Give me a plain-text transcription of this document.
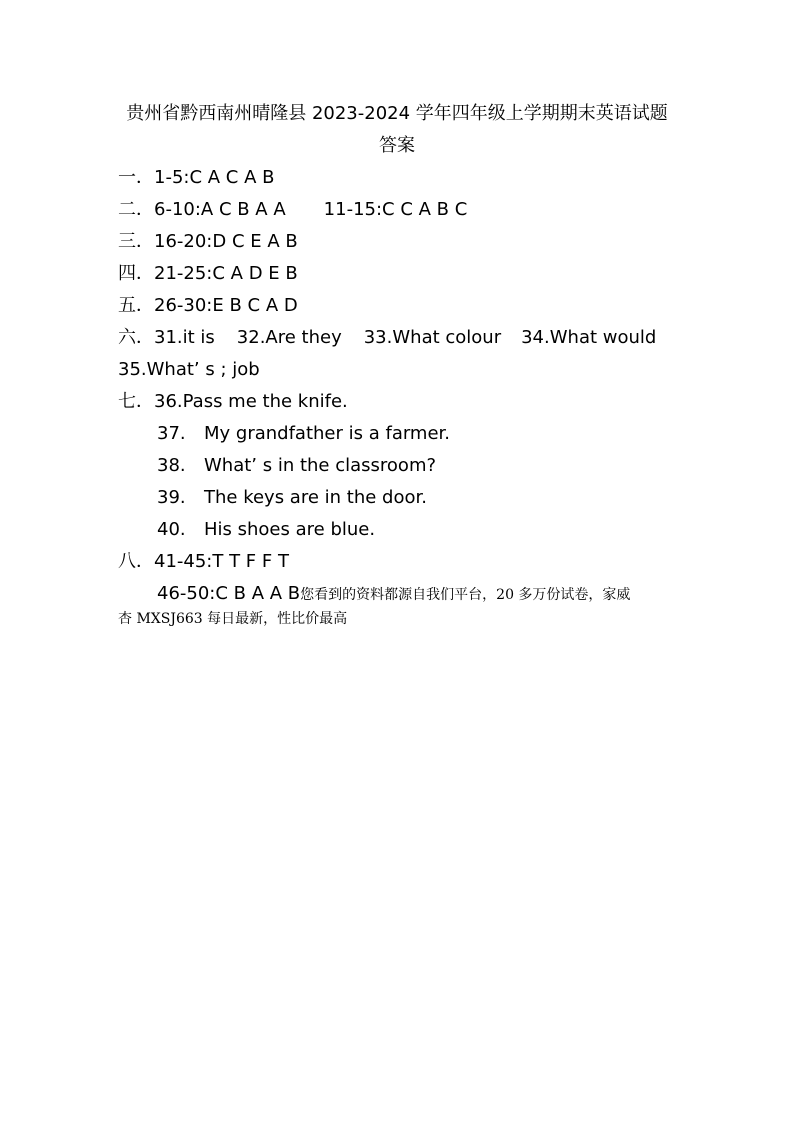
贵州省黔西南州晴隆县 2023-2024 学年四年级上学期期末英语试题
答案
一．1-5:C A C A B
二．6-10:A C B A A 11-15:C C A B C
三．16-20:D C E A B
四．21-25:C A D E B
五．26-30:E B C A D
六．31.it is 32.Are they 33.What colour 34.What would
35.What’ s ; job
七．36.Pass me the knife.
37. My grandfather is a farmer.
38. What’ s in the classroom?
39. The keys are in the door.
40. His shoes are blue.
八．41-45:T T F F T
46-50:C B A A B您看到的资料都源自我们平台，20 多万份试卷，家威
杏 MXSJ663 每日最新，性比价最高
